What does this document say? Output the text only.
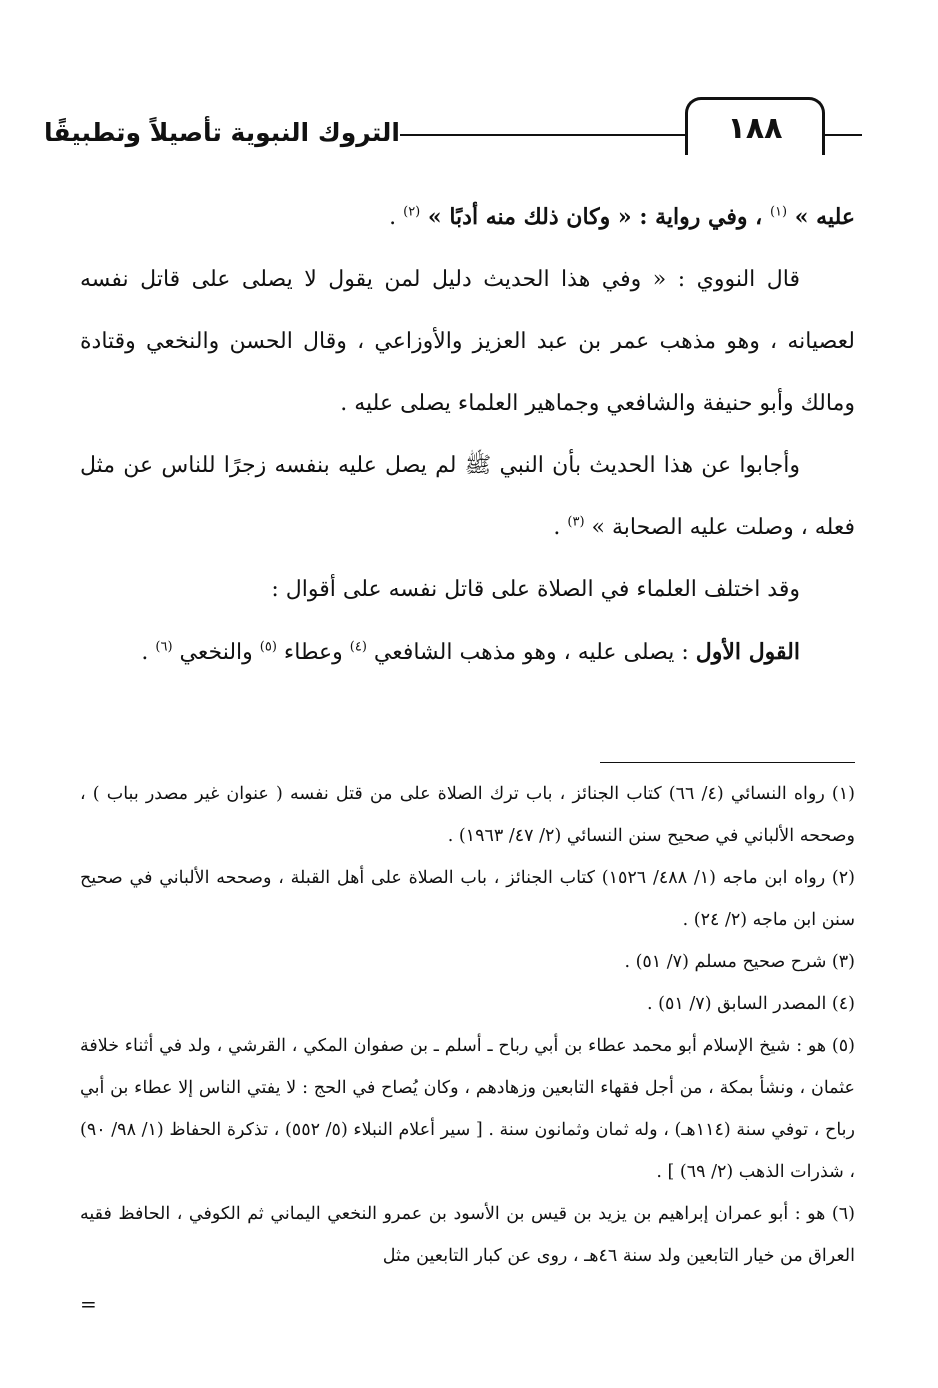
١٨٨
التروك النبوية تأصيلاً وتطبيقًا

عليه » $^{(١)}$ ، وفي رواية : « وكان ذلك منه أدبًا » $^{(٢)}$ .

قال النووي : « وفي هذا الحديث دليل لمن يقول لا يصلى على قاتل نفسه لعصيانه ، وهو مذهب عمر بن عبد العزيز والأوزاعي ، وقال الحسن والنخعي وقتادة ومالك وأبو حنيفة والشافعي وجماهير العلماء يصلى عليه .

وأجابوا عن هذا الحديث بأن النبي ﷺ لم يصل عليه بنفسه زجرًا للناس عن مثل فعله ، وصلت عليه الصحابة » $^{(٣)}$ .

وقد اختلف العلماء في الصلاة على قاتل نفسه على أقوال :

القول الأول : يصلى عليه ، وهو مذهب الشافعي $^{(٤)}$ وعطاء $^{(٥)}$ والنخعي $^{(٦)}$ .

(١) رواه النسائي (٤/ ٦٦) كتاب الجنائز ، باب ترك الصلاة على من قتل نفسه ( عنوان غير مصدر بباب ) ، وصححه الألباني في صحيح سنن النسائي (٢/ ٤٧/ ١٩٦٣) .

(٢) رواه ابن ماجه (١/ ٤٨٨/ ١٥٢٦) كتاب الجنائز ، باب الصلاة على أهل القبلة ، وصححه الألباني في صحيح سنن ابن ماجه (٢/ ٢٤) .

(٣) شرح صحيح مسلم (٧/ ٥١) .

(٤) المصدر السابق (٧/ ٥١) .

(٥) هو : شيخ الإسلام أبو محمد عطاء بن أبي رباح ـ أسلم ـ بن صفوان المكي ، القرشي ، ولد في أثناء خلافة عثمان ، ونشأ بمكة ، من أجل فقهاء التابعين وزهادهم ، وكان يُصاح في الحج : لا يفتي الناس إلا عطاء بن أبي رباح ، توفي سنة (١١٤هـ) ، وله ثمان وثمانون سنة . [ سير أعلام النبلاء (٥/ ٥٥٢) ، تذكرة الحفاظ (١/ ٩٨/ ٩٠) ، شذرات الذهب (٢/ ٦٩) ] .

(٦) هو : أبو عمران إبراهيم بن يزيد بن قيس بن الأسود بن عمرو النخعي اليماني ثم الكوفي ، الحافظ فقيه العراق من خيار التابعين ولد سنة ٤٦هـ ، روى عن كبار التابعين مثل

=
